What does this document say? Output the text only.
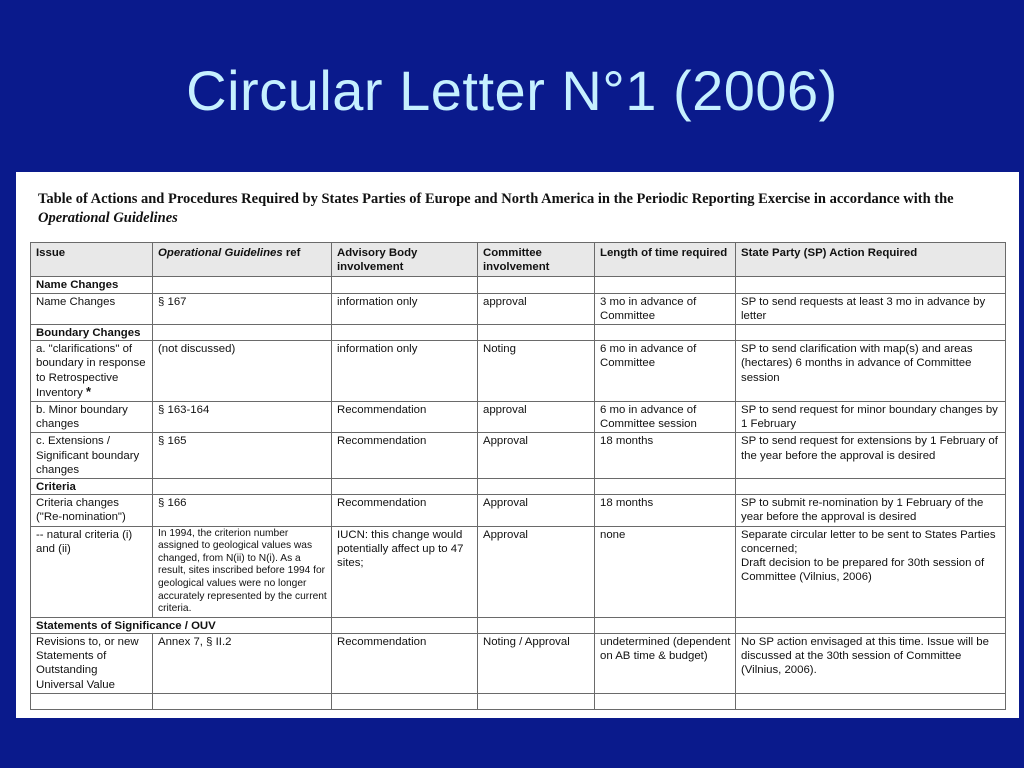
Circular Letter N°1 (2006)
Table of Actions and Procedures Required by States Parties of Europe and North America in the Periodic Reporting Exercise in accordance with the Operational Guidelines
Issue	Operational Guidelines ref	Advisory Body involvement	Committee involvement	Length of time required	State Party (SP) Action Required
Name Changes					
Name Changes	§ 167	information only	approval	3 mo in advance of Committee	SP to send requests at least 3 mo in advance by letter
Boundary Changes					
a. "clarifications" of boundary in response to Retrospective Inventory *	(not discussed)	information only	Noting	6 mo in advance of Committee	SP to send clarification with map(s) and areas (hectares) 6 months in advance of Committee session
b. Minor boundary changes	§ 163-164	Recommendation	approval	6 mo in advance of Committee session	SP to send request for minor boundary changes by 1 February
c. Extensions / Significant boundary changes	§ 165	Recommendation	Approval	18 months	SP to send request for extensions by 1 February of the year before the approval is desired
Criteria					
Criteria changes ("Re-nomination")	§ 166	Recommendation	Approval	18 months	SP to submit re-nomination by 1 February of the year before the approval is desired
-- natural criteria (i) and (ii)	In 1994, the criterion number assigned to geological values was changed, from N(ii) to N(i). As a result, sites inscribed before 1994 for geological values were no longer accurately represented by the current criteria.	IUCN: this change would potentially affect up to 47 sites;	Approval	none	Separate circular letter to be sent to States Parties concerned;
Draft decision to be prepared for 30th session of Committee (Vilnius, 2006)

Statements of Significance / OUV					
Revisions to, or new Statements of Outstanding Universal Value	Annex 7, § II.2	Recommendation	Noting / Approval	undetermined (dependent on AB time & budget)	No SP action envisaged at this time. Issue will be discussed at the 30th session of Committee (Vilnius, 2006).
